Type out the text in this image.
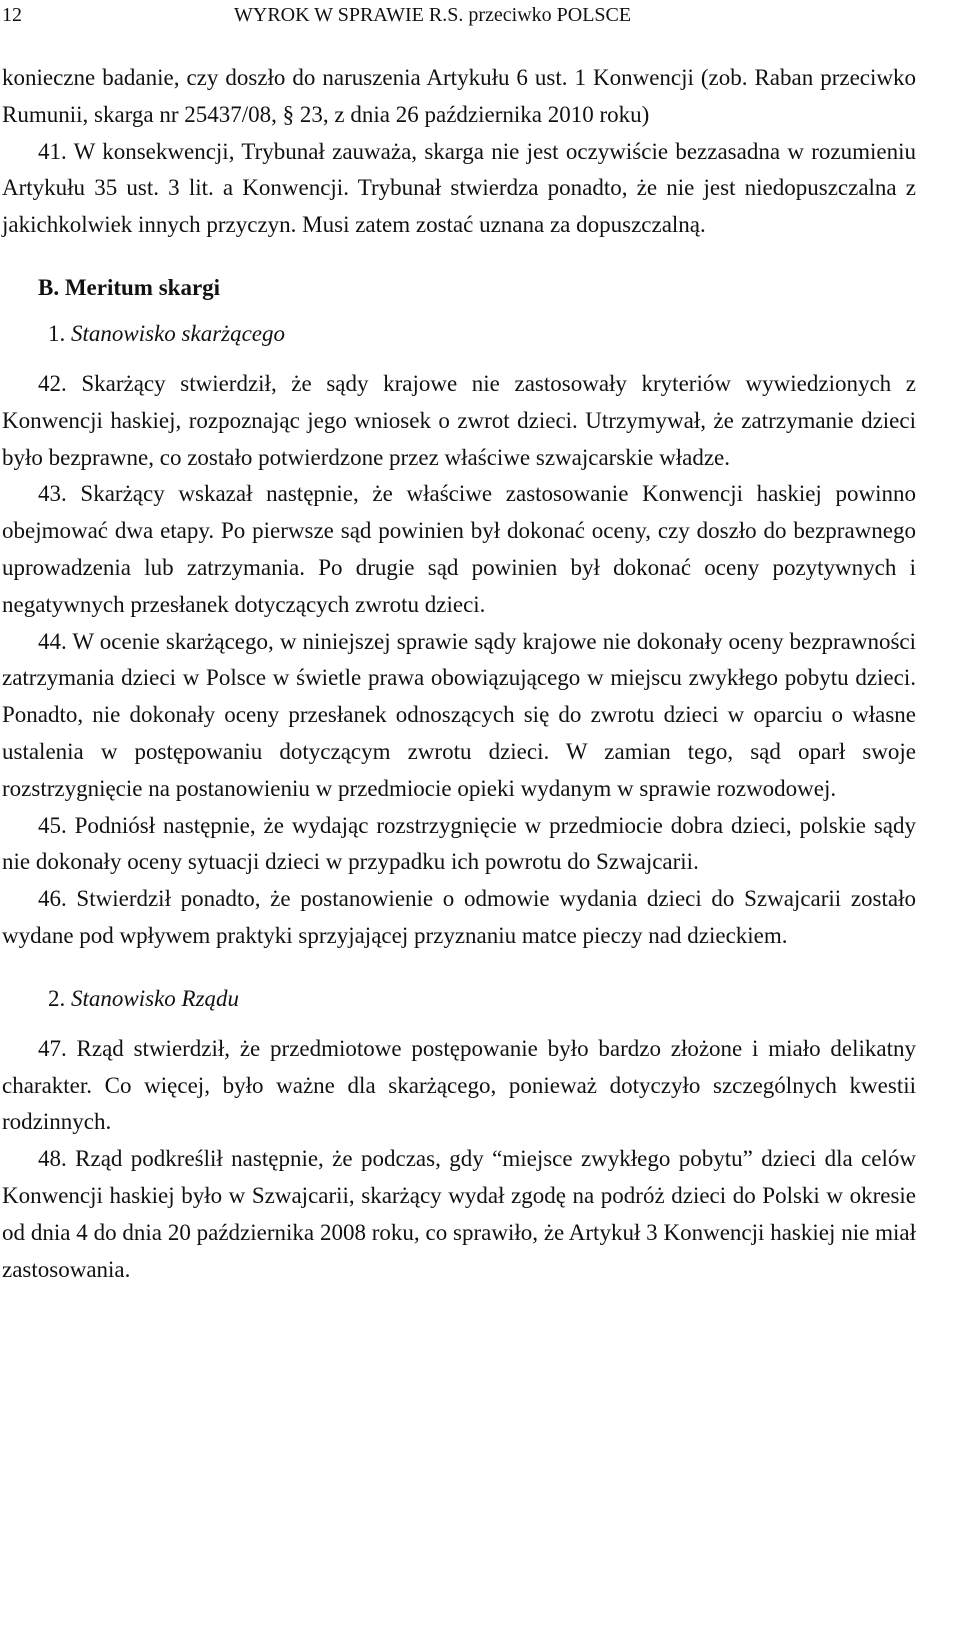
12	WYROK W SPRAWIE R.S. przeciwko POLSCE

konieczne badanie, czy doszło do naruszenia Artykułu 6 ust. 1 Konwencji (zob. Raban przeciwko Rumunii, skarga nr 25437/08, § 23, z dnia 26 października 2010 roku)

41. W konsekwencji, Trybunał zauważa, skarga nie jest oczywiście bezzasadna w rozumieniu Artykułu 35 ust. 3 lit. a Konwencji. Trybunał stwierdza ponadto, że nie jest niedopuszczalna z jakichkolwiek innych przyczyn. Musi zatem zostać uznana za dopuszczalną.

B. Meritum skargi
1. Stanowisko skarżącego

42. Skarżący stwierdził, że sądy krajowe nie zastosowały kryteriów wywiedzionych z Konwencji haskiej, rozpoznając jego wniosek o zwrot dzieci. Utrzymywał, że zatrzymanie dzieci było bezprawne, co zostało potwierdzone przez właściwe szwajcarskie władze.

43. Skarżący wskazał następnie, że właściwe zastosowanie Konwencji haskiej powinno obejmować dwa etapy. Po pierwsze sąd powinien był dokonać oceny, czy doszło do bezprawnego uprowadzenia lub zatrzymania. Po drugie sąd powinien był dokonać oceny pozytywnych i negatywnych przesłanek dotyczących zwrotu dzieci.

44. W ocenie skarżącego, w niniejszej sprawie sądy krajowe nie dokonały oceny bezprawności zatrzymania dzieci w Polsce w świetle prawa obowiązującego w miejscu zwykłego pobytu dzieci. Ponadto, nie dokonały oceny przesłanek odnoszących się do zwrotu dzieci w oparciu o własne ustalenia w postępowaniu dotyczącym zwrotu dzieci. W zamian tego, sąd oparł swoje rozstrzygnięcie na postanowieniu w przedmiocie opieki wydanym w sprawie rozwodowej.

45. Podniósł następnie, że wydając rozstrzygnięcie w przedmiocie dobra dzieci, polskie sądy nie dokonały oceny sytuacji dzieci w przypadku ich powrotu do Szwajcarii.

46. Stwierdził ponadto, że postanowienie o odmowie wydania dzieci do Szwajcarii zostało wydane pod wpływem praktyki sprzyjającej przyznaniu matce pieczy nad dzieckiem.

2. Stanowisko Rządu

47. Rząd stwierdził, że przedmiotowe postępowanie było bardzo złożone i miało delikatny charakter. Co więcej, było ważne dla skarżącego, ponieważ dotyczyło szczególnych kwestii rodzinnych.

48. Rząd podkreślił następnie, że podczas, gdy “miejsce zwykłego pobytu” dzieci dla celów Konwencji haskiej było w Szwajcarii, skarżący wydał zgodę na podróż dzieci do Polski w okresie od dnia 4 do dnia 20 października 2008 roku, co sprawiło, że Artykuł 3 Konwencji haskiej nie miał zastosowania.
